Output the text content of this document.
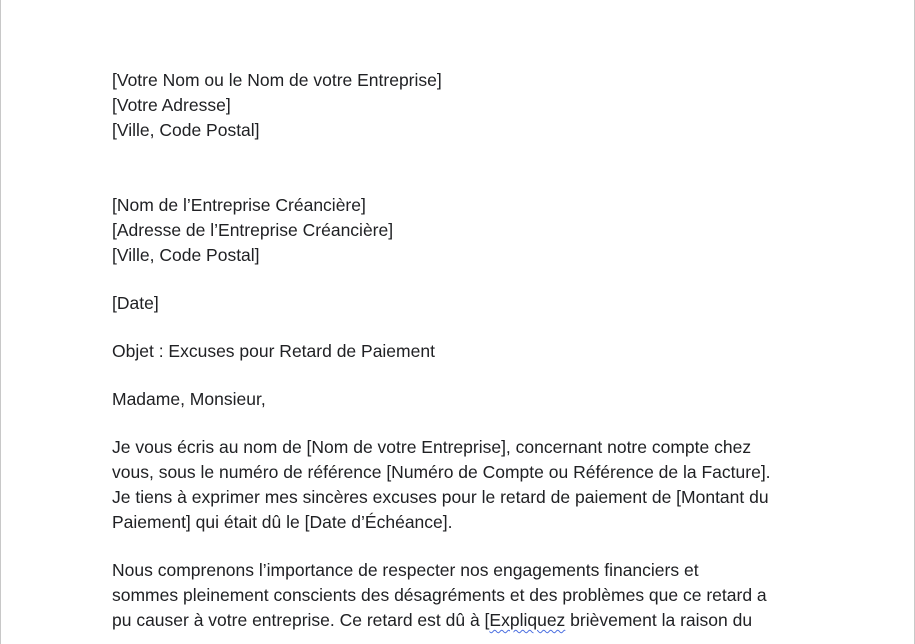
[Votre Nom ou le Nom de votre Entreprise]
[Votre Adresse]
[Ville, Code Postal]
[Nom de l’Entreprise Créancière]
[Adresse de l’Entreprise Créancière]
[Ville, Code Postal]
[Date]
Objet : Excuses pour Retard de Paiement
Madame, Monsieur,
Je vous écris au nom de [Nom de votre Entreprise], concernant notre compte chez
vous, sous le numéro de référence [Numéro de Compte ou Référence de la Facture].
Je tiens à exprimer mes sincères excuses pour le retard de paiement de [Montant du
Paiement] qui était dû le [Date d’Échéance].
Nous comprenons l’importance de respecter nos engagements financiers et
sommes pleinement conscients des désagréments et des problèmes que ce retard a
pu causer à votre entreprise. Ce retard est dû à [Expliquez brièvement la raison du
